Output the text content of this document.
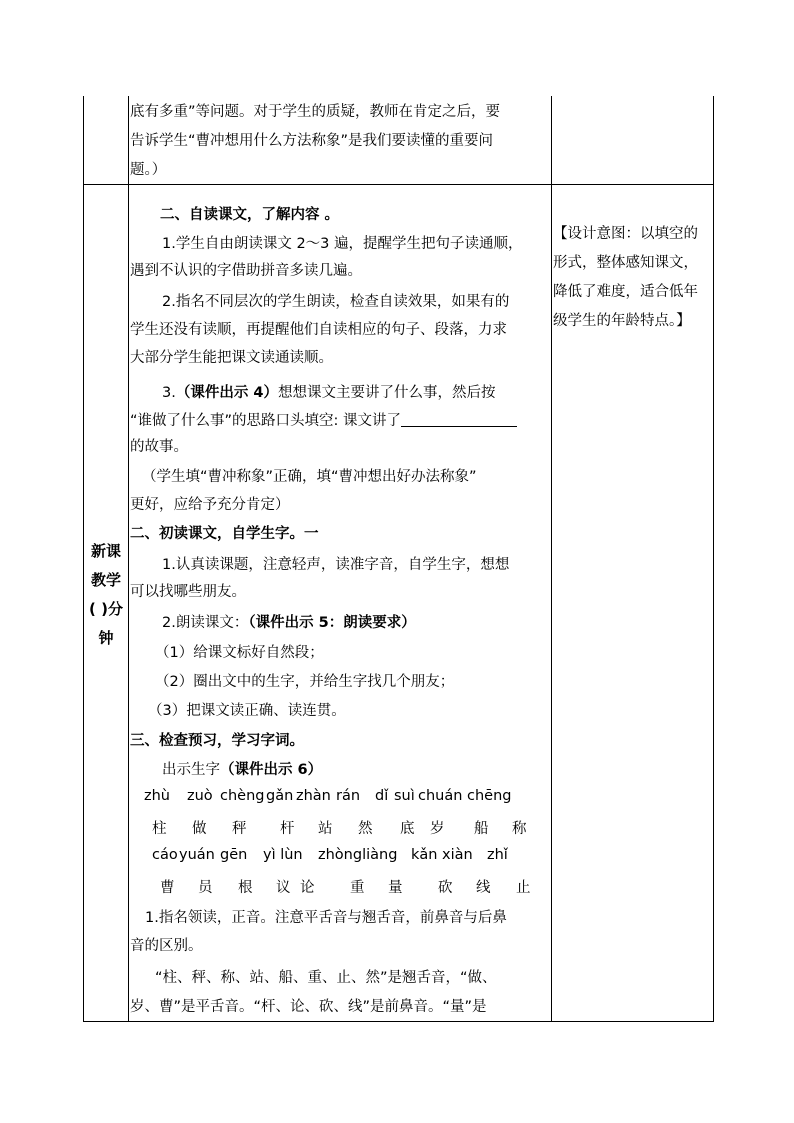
底有多重”等问题。对于学生的质疑，教师在肯定之后，要
告诉学生“曹冲想用什么方法称象”是我们要读懂的重要问
题。）
新课
教学
( )分
钟
【设计意图：以填空的
形式，整体感知课文，
降低了难度，适合低年
级学生的年龄特点。】
二、自读课文，了解内容 。
1.学生自由朗读课文 2～3 遍，提醒学生把句子读通顺，
遇到不认识的字借助拼音多读几遍。
2.指名不同层次的学生朗读，检查自读效果，如果有的
学生还没有读顺，再提醒他们自读相应的句子、段落，力求
大部分学生能把课文读通读顺。
3.（课件出示 4）想想课文主要讲了什么事，然后按
“谁做了什么事”的思路口头填空: 课文讲了
的故事。
（学生填“曹冲称象”正确，填“曹冲想出好办法称象”
更好，应给予充分肯定）
二、初读课文，自学生字。一
1.认真读课题，注意轻声，读准字音，自学生字，想想
可以找哪些朋友。
2.朗读课文：（课件出示 5：朗读要求）
（1）给课文标好自然段；
（2）圈出文中的生字，并给生字找几个朋友；
（3）把课文读正确、读连贯。
三、检查预习，学习字词。
出示生字（课件出示 6）
zhù zuò chèng gǎn zhàn rán dǐ suì chuán chēng
柱 做 秤 杆 站 然 底 岁 船 称
cáo yuán gēn yì lùn zhòngliàng kǎn xiàn zhǐ
曹 员 根 议 论 重 量 砍 线 止
1.指名领读，正音。注意平舌音与翘舌音，前鼻音与后鼻
音的区别。
“柱、秤、称、站、船、重、止、然”是翘舌音，“做、
岁、曹”是平舌音。“杆、论、砍、线”是前鼻音。“量”是
